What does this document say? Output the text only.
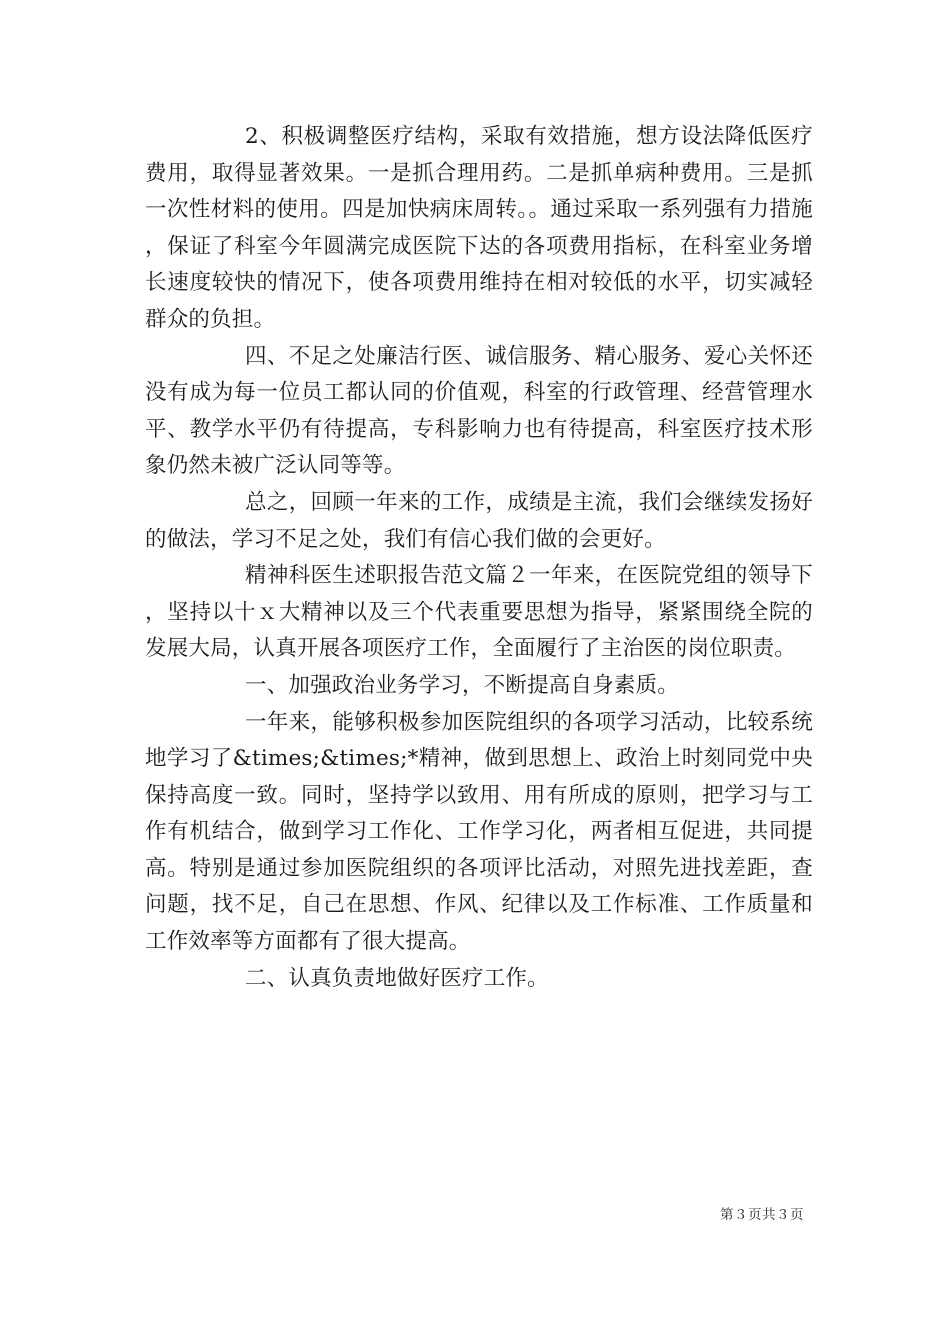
2、积极调整医疗结构，采取有效措施，想方设法降低医疗费用，取得显著效果。一是抓合理用药。二是抓单病种费用。三是抓一次性材料的使用。四是加快病床周转。。通过采取一系列强有力措施，保证了科室今年圆满完成医院下达的各项费用指标，在科室业务增长速度较快的情况下，使各项费用维持在相对较低的水平，切实减轻群众的负担。

四、不足之处廉洁行医、诚信服务、精心服务、爱心关怀还没有成为每一位员工都认同的价值观，科室的行政管理、经营管理水平、教学水平仍有待提高，专科影响力也有待提高，科室医疗技术形象仍然未被广泛认同等等。

总之，回顾一年来的工作，成绩是主流，我们会继续发扬好的做法，学习不足之处，我们有信心我们做的会更好。

精神科医生述职报告范文篇２一年来，在医院党组的领导下，坚持以十ｘ大精神以及三个代表重要思想为指导，紧紧围绕全院的发展大局，认真开展各项医疗工作，全面履行了主治医的岗位职责。

一、加强政治业务学习，不断提高自身素质。

一年来，能够积极参加医院组织的各项学习活动，比较系统地学习了&times;&times;*精神，做到思想上、政治上时刻同党中央保持高度一致。同时，坚持学以致用、用有所成的原则，把学习与工作有机结合，做到学习工作化、工作学习化，两者相互促进，共同提高。特别是通过参加医院组织的各项评比活动，对照先进找差距，查问题，找不足，自己在思想、作风、纪律以及工作标准、工作质量和工作效率等方面都有了很大提高。

二、认真负责地做好医疗工作。

第３页共３页
